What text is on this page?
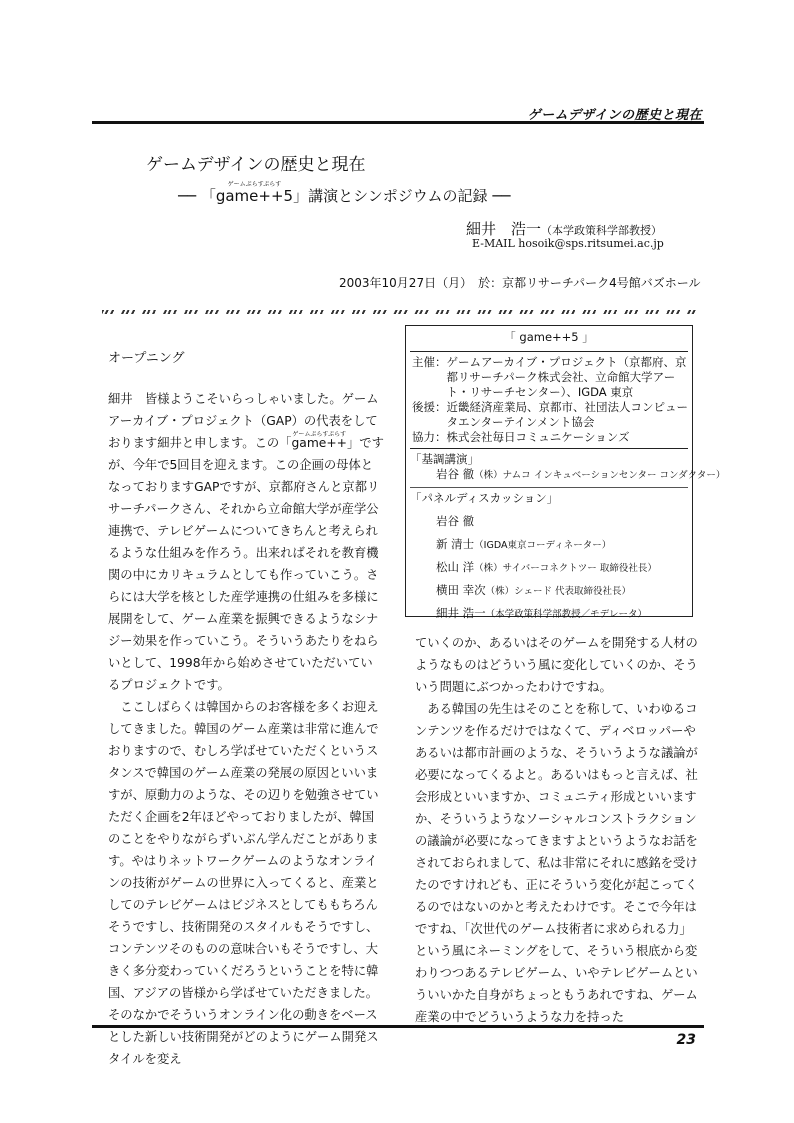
ゲームデザインの歴史と現在
ゲームデザインの歴史と現在
── 「game++5
ゲームぷらすぷらす
」講演とシンポジウムの記録 ──
細井　浩一（本学政策科学部教授）
E-MAIL hosoik@sps.ritsumei.ac.jp
2003年10月27日（月）　於：京都リサーチパーク4号館バズホール
「 game++5 」
主催： ゲームアーカイブ・プロジェクト（京都府、京都リサーチパーク株式会社、立命館大学アート・リサーチセンター）、IGDA 東京
後援： 近畿経済産業局、京都市、社団法人コンピュータエンターテインメント協会
協力： 株式会社毎日コミュニケーションズ
「基調講演」
岩谷 徹（株）ナムコ インキュベーションセンター コンダクター）
「パネルディスカッション」
岩谷 徹
新 清士（IGDA東京コーディネーター）
松山 洋（株）サイバーコネクトツー 取締役社長）
横田 幸次（株）シェード 代表取締役社長）
細井 浩一（本学政策科学部教授／モデレータ）
オープニング

細井　皆様ようこそいらっしゃいました。ゲームアーカイブ・プロジェクト（GAP）の代表をしております細井と申します。この「game++
ゲームぷらすぷらす
」ですが、今年で5回目を迎えます。この企画の母体となっておりますGAPですが、京都府さんと京都リサーチパークさん、それから立命館大学が産学公連携で、テレビゲームについてきちんと考えられるような仕組みを作ろう。出来ればそれを教育機関の中にカリキュラムとしても作っていこう。さらには大学を核とした産学連携の仕組みを多様に展開をして、ゲーム産業を振興できるようなシナジー効果を作っていこう。そういうあたりをねらいとして、1998年から始めさせていただいているプロジェクトです。

ここしばらくは韓国からのお客様を多くお迎えしてきました。韓国のゲーム産業は非常に進んでおりますので、むしろ学ばせていただくというスタンスで韓国のゲーム産業の発展の原因といいますが、原動力のような、その辺りを勉強させていただく企画を2年ほどやっておりましたが、韓国のことをやりながらずいぶん学んだことがあります。やはりネットワークゲームのようなオンラインの技術がゲームの世界に入ってくると、産業としてのテレビゲームはビジネスとしてももちろんそうですし、技術開発のスタイルもそうですし、コンテンツそのものの意味合いもそうですし、大きく多分変わっていくだろうということを特に韓国、アジアの皆様から学ばせていただきました。そのなかでそういうオンライン化の動きをベースとした新しい技術開発がどのようにゲーム開発スタイルを変え

ていくのか、あるいはそのゲームを開発する人材のようなものはどういう風に変化していくのか、そういう問題にぶつかったわけですね。

ある韓国の先生はそのことを称して、いわゆるコンテンツを作るだけではなくて、ディベロッパーやあるいは都市計画のような、そういうような議論が必要になってくるよと。あるいはもっと言えば、社会形成といいますか、コミュニティ形成といいますか、そういうようなソーシャルコンストラクションの議論が必要になってきますよというようなお話をされておられまして、私は非常にそれに感銘を受けたのですけれども、正にそういう変化が起こってくるのではないのかと考えたわけです。そこで今年はですね、「次世代のゲーム技術者に求められる力」という風にネーミングをして、そういう根底から変わりつつあるテレビゲーム、いやテレビゲームといういいかた自身がちょっともうあれですね、ゲーム産業の中でどういうような力を持った

23
